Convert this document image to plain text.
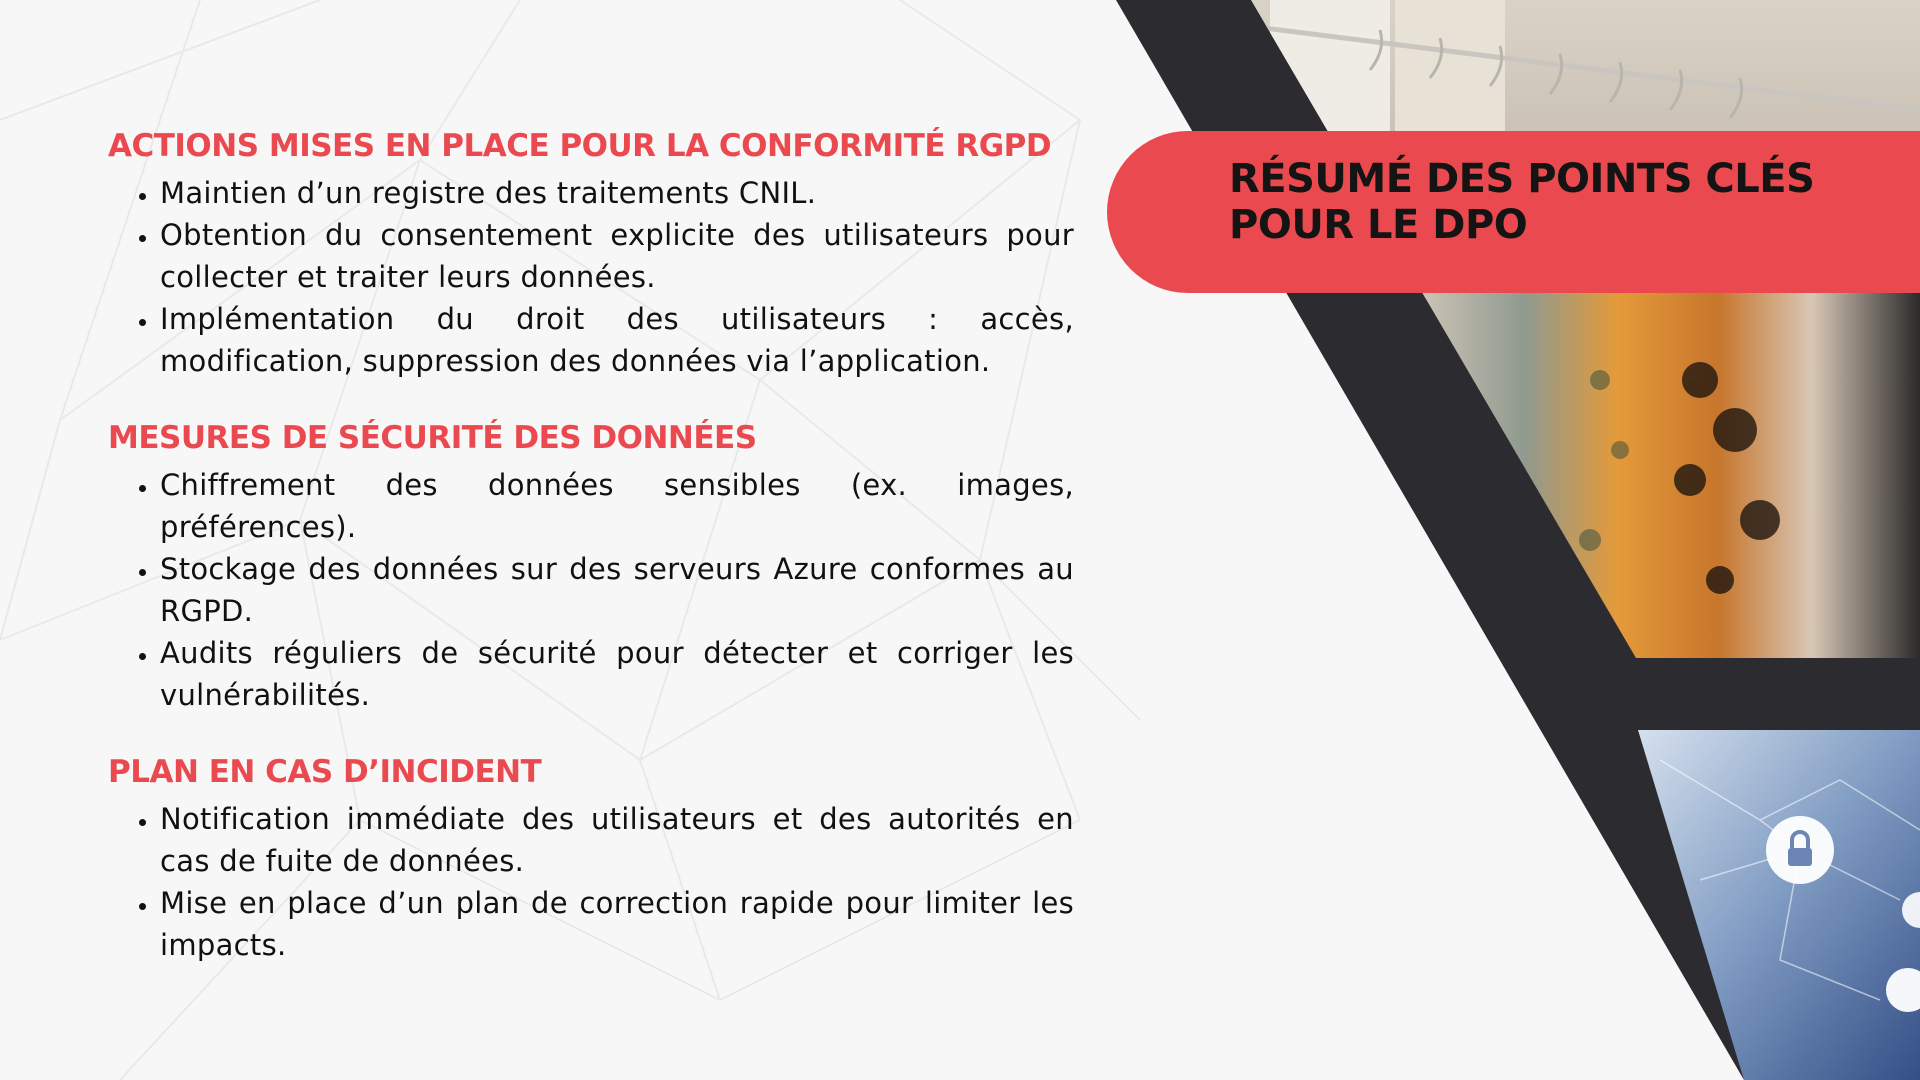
RÉSUMÉ DES POINTS CLÉS
POUR LE DPO
ACTIONS MISES EN PLACE POUR LA CONFORMITÉ RGPD
• Maintien d’un registre des traitements CNIL.
• Obtention du consentement explicite des utilisateurs pour collecter et traiter leurs données.
• Implémentation du droit des utilisateurs : accès, modification, suppression des données via l’application.
MESURES DE SÉCURITÉ DES DONNÉES
• Chiffrement des données sensibles (ex. images, préférences).
• Stockage des données sur des serveurs Azure conformes au RGPD.
• Audits réguliers de sécurité pour détecter et corriger les vulnérabilités.
PLAN EN CAS D’INCIDENT
• Notification immédiate des utilisateurs et des autorités en cas de fuite de données.
• Mise en place d’un plan de correction rapide pour limiter les impacts.
